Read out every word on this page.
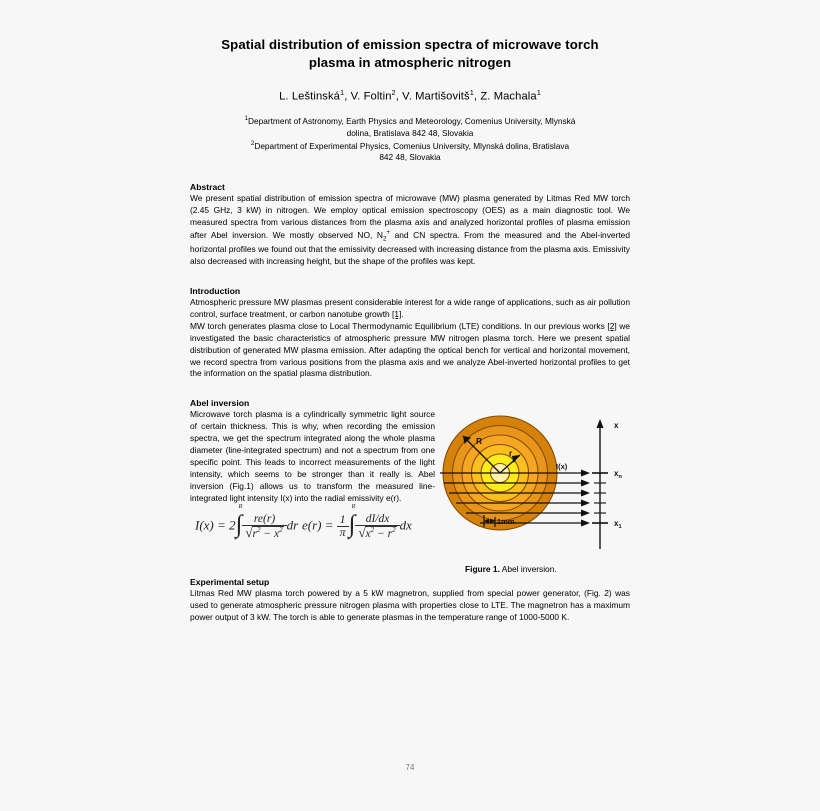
Spatial distribution of emission spectra of microwave torch
plasma in atmospheric nitrogen
L. Leštinská$^1$, V. Foltin$^2$, V. Martišovitš$^1$, Z. Machala$^1$
$^1$Department of Astronomy, Earth Physics and Meteorology, Comenius University, Mlynská
dolina, Bratislava 842 48, Slovakia
$^2$Department of Experimental Physics, Comenius University, Mlynská dolina, Bratislava
842 48, Slovakia
Abstract
We present spatial distribution of emission spectra of microwave (MW) plasma generated by Litmas Red MW torch (2.45 GHz, 3 kW) in nitrogen. We employ optical emission spectroscopy (OES) as a main diagnostic tool. We measured spectra from various distances from the plasma axis and analyzed horizontal profiles of plasma emission after Abel inversion. We mostly observed NO, $N_2^+$ and CN spectra. From the measured and the Abel-inverted horizontal profiles we found out that the emissivity decreased with increasing distance from the plasma axis. Emissivity also decreased with increasing height, but the shape of the profiles was kept.
Introduction
Atmospheric pressure MW plasmas present considerable interest for a wide range of applications, such as air pollution control, surface treatment, or carbon nanotube growth [1].
MW torch generates plasma close to Local Thermodynamic Equilibrium (LTE) conditions. In our previous works [2] we investigated the basic characteristics of atmospheric pressure MW nitrogen plasma torch. Here we present spatial distribution of generated MW plasma emission. After adapting the optical bench for vertical and horizontal movement, we record spectra from various positions from the plasma axis and we analyze Abel-inverted horizontal profiles to get the information on the spatial plasma distribution.
Abel inversion
Microwave torch plasma is a cylindrically symmetric light source of certain thickness. This is why, when recording the emission spectra, we get the spectrum integrated along the whole plasma diameter (line-integrated spectrum) and not a spectrum from one specific point. This leads to incorrect measurements of the light intensity, which seems to be stronger than it really is. Abel inversion (Fig.1) allows us to transform the measured line-integrated light intensity I(x) into the radial emissivity e(r).
R
r
1mm
I(x)
x
$x_n$
$x_1$
Figure 1. Abel inversion.
I(x) = 2∫
R
r $\frac{re(r)}{√r^2 - x^2}$ dr $e(r) = \frac{1}{\pi}$ ∫
R
r $\frac{dI/dx}{√x^2 - r^2}$ dx
Experimental setup
Litmas Red MW plasma torch powered by a 5 kW magnetron, supplied from special power generator, (Fig. 2) was used to generate atmospheric pressure nitrogen plasma with properties close to LTE. The magnetron has a maximum power output of 3 kW. The torch is able to generate plasmas in the temperature range of 1000-5000 K.
74
